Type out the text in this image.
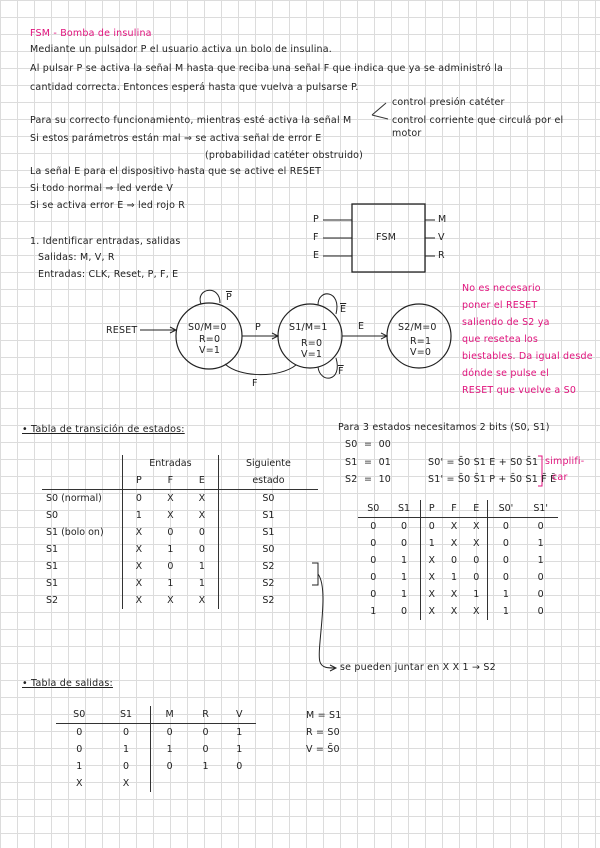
FSM - Bomba de insulina
Mediante un pulsador P el usuario activa un bolo de insulina.
Al pulsar P se activa la señal M hasta que reciba una señal F que indica que ya se administró la
cantidad correcta. Entonces esperá hasta que vuelva a pulsarse P.
control presión catéter
Para su correcto funcionamiento, mientras esté activa la señal M	control corriente que circulá por el
motor
Si estos parámetros están mal ⇒ se activa señal de error E
(probabilidad catéter obstruido)
La señal E para el dispositivo hasta que se active el RESET
Si todo normal ⇒ led verde V
Si se activa error E ⇒ led rojo R
1. Identificar entradas, salidas
Salidas: M, V, R
Entradas: CLK, Reset, P, F, E
P
F
E
FSM
M
V
R
RESET	S0/M=0
R=0
V=1
S1/M=1
R=0
V=1
S2/M=0
R=1
V=0
$\overline{P}$
P	E
F
$\overline{E}$
$\overline{F}$
No es necesario
poner el RESET
saliendo de S2 ya
que resetea los
biestables. Da igual desde
dónde se pulse el
RESET que vuelve a S0
• Tabla de transición de estados:
	Entradas			Siguiente
	P	F	E	estado
S0 (normal)	0	X	X	S0
S0	1	X	X	S1
S1 (bolo on)	X	0	0	S1
S1	X	1	0	S0
S1	X	0	1	S2
S1	X	1	1	S2
S2	X	X	X	S2
se pueden juntar en X X 1 → S2
Para 3 estados necesitamos 2 bits (S0, S1)
S0 = 00
S1 = 01
S2 = 10
S0' = S̄0 S1 E + S0 S̄1
S1' = S̄0 S̄1 P + S̄0 S1 F̄ Ē
simplifi-
car
S0	S1	P	F	E	S0'	S1'
0	0	0	X	X	0	0
0	0	1	X	X	0	1
0	1	X	0	0	0	1
0	1	X	1	0	0	0
0	1	X	X	1	1	0
1	0	X	X	X	1	0
• Tabla de salidas:
S0	S1	M	R	V
0	0	0	0	1
0	1	1	0	1
1	0	0	1	0
X	X			
M = S1
R = S0
V = S̄0
